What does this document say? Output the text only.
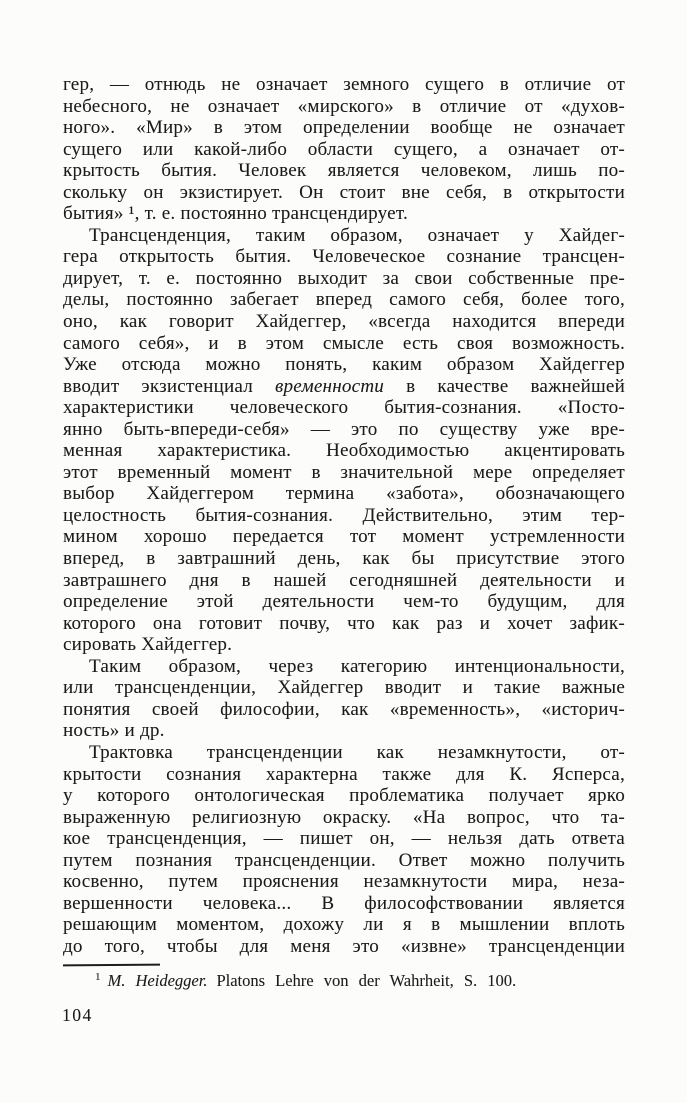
гер, — отнюдь не означает земного сущего в отличие от
небесного, не означает «мирского» в отличие от «духов-
ного». «Мир» в этом определении вообще не означает
сущего или какой-либо области сущего, а означает от-
крытость бытия. Человек является человеком, лишь по-
скольку он экзистирует. Он стоит вне себя, в открытости
бытия» ¹, т. е. постоянно трансцендирует.
Трансценденция, таким образом, означает у Хайдег-
гера открытость бытия. Человеческое сознание трансцен-
дирует, т. е. постоянно выходит за свои собственные пре-
делы, постоянно забегает вперед самого себя, более того,
оно, как говорит Хайдеггер, «всегда находится впереди
самого себя», и в этом смысле есть своя возможность.
Уже отсюда можно понять, каким образом Хайдеггер
вводит экзистенциал временности в качестве важнейшей
характеристики человеческого бытия-сознания. «Посто-
янно быть-впереди-себя» — это по существу уже вре-
менная характеристика. Необходимостью акцентировать
этот временный момент в значительной мере определяет
выбор Хайдеггером термина «забота», обозначающего
целостность бытия-сознания. Действительно, этим тер-
мином хорошо передается тот момент устремленности
вперед, в завтрашний день, как бы присутствие этого
завтрашнего дня в нашей сегодняшней деятельности и
определение этой деятельности чем-то будущим, для
которого она готовит почву, что как раз и хочет зафик-
сировать Хайдеггер.
Таким образом, через категорию интенциональности,
или трансценденции, Хайдеггер вводит и такие важные
понятия своей философии, как «временность», «историч-
ность» и др.
Трактовка трансценденции как незамкнутости, от-
крытости сознания характерна также для К. Ясперса,
у которого онтологическая проблематика получает ярко
выраженную религиозную окраску. «На вопрос, что та-
кое трансценденция, — пишет он, — нельзя дать ответа
путем познания трансценденции. Ответ можно получить
косвенно, путем прояснения незамкнутости мира, неза-
вершенности человека... В философствовании является
решающим моментом, дохожу ли я в мышлении вплоть
до того, чтобы для меня это «извне» трансценденции
$^1$ M. Heidegger. Platons Lehre von der Wahrheit, S. 100.
104
